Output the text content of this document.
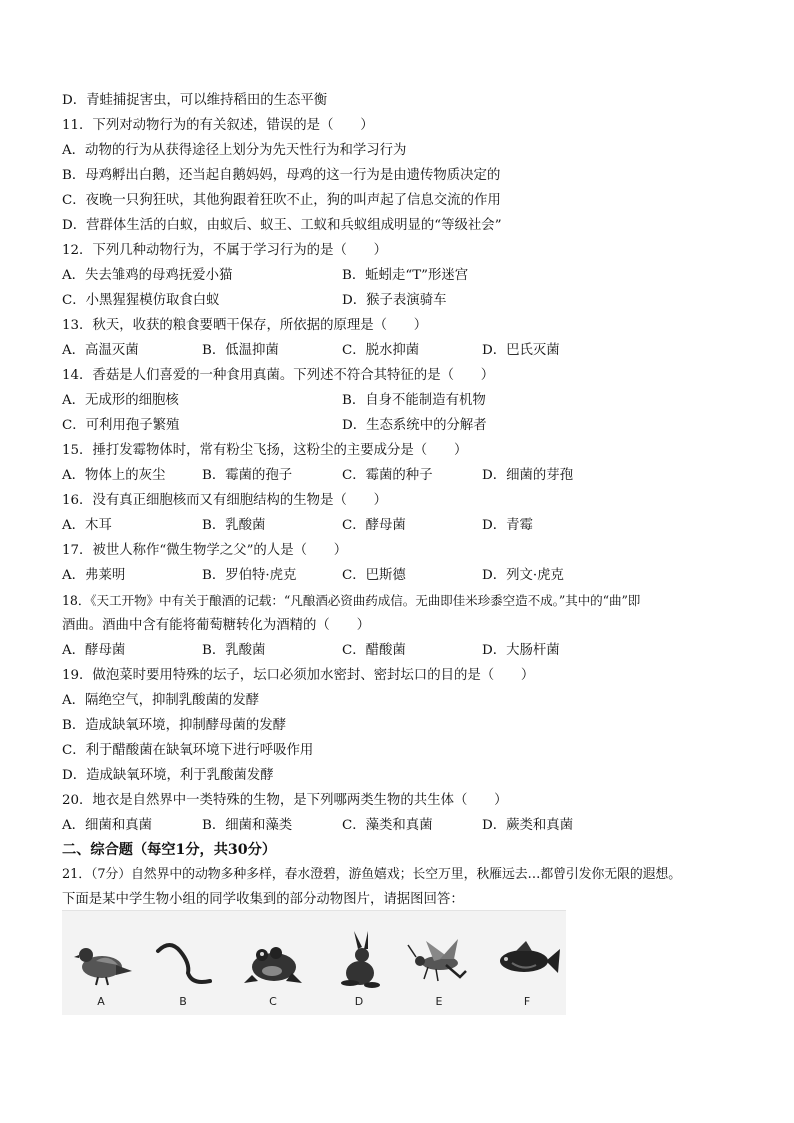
D．青蛙捕捉害虫，可以维持稻田的生态平衡
11．下列对动物行为的有关叙述，错误的是（　　）
A．动物的行为从获得途径上划分为先天性行为和学习行为
B．母鸡孵出白鹅，还当起自鹅妈妈，母鸡的这一行为是由遗传物质决定的
C．夜晚一只狗狂吠，其他狗跟着狂吹不止，狗的叫声起了信息交流的作用
D．营群体生活的白蚁，由蚁后、蚁王、工蚁和兵蚁组成明显的“等级社会”
12．下列几种动物行为，不属于学习行为的是（　　）
A．失去雏鸡的母鸡抚爱小猫	B．蚯蚓走“T”形迷宫
C．小黑猩猩模仿取食白蚁	D．猴子表演骑车
13．秋天，收获的粮食要晒干保存，所依据的原理是（　　）
A．高温灭菌	B．低温抑菌	C．脱水抑菌	D．巴氏灭菌
14．香菇是人们喜爱的一种食用真菌。下列述不符合其特征的是（　　）
A．无成形的细胞核	B．自身不能制造有机物
C．可利用孢子繁殖	D．生态系统中的分解者
15．捶打发霉物体时，常有粉尘飞扬，这粉尘的主要成分是（　　）
A．物体上的灰尘	B．霉菌的孢子	C．霉菌的种子	D．细菌的芽孢
16．没有真正细胞核而又有细胞结构的生物是（　　）
A．木耳	B．乳酸菌	C．酵母菌	D．青霉
17．被世人称作“微生物学之父”的人是（　　）
A．弗莱明	B．罗伯特·虎克	C．巴斯德	D．列文·虎克
18．《天工开物》中有关于酿酒的记载：“凡酿酒必资曲药成信。无曲即佳米珍黍空造不成。”其中的“曲”即
酒曲。酒曲中含有能将葡萄糖转化为酒精的（　　）
A．酵母菌	B．乳酸菌	C．醋酸菌	D．大肠杆菌
19．做泡菜时要用特殊的坛子，坛口必须加水密封、密封坛口的目的是（　　）
A．隔绝空气，抑制乳酸菌的发酵
B．造成缺氧环境，抑制酵母菌的发酵
C．利于醋酸菌在缺氧环境下进行呼吸作用
D．造成缺氧环境，利于乳酸菌发酵
20．地衣是自然界中一类特殊的生物，是下列哪两类生物的共生体（　　）
A．细菌和真菌	B．细菌和藻类	C．藻类和真菌	D．蕨类和真菌
二、综合题（每空1分，共30分）
21．（7分）自然界中的动物多种多样，春水澄碧，游鱼嬉戏；长空万里，秋雁远去…都曾引发你无限的遐想。
下面是某中学生物小组的同学收集到的部分动物图片，请据图回答：
A	B	C	D	E	F
